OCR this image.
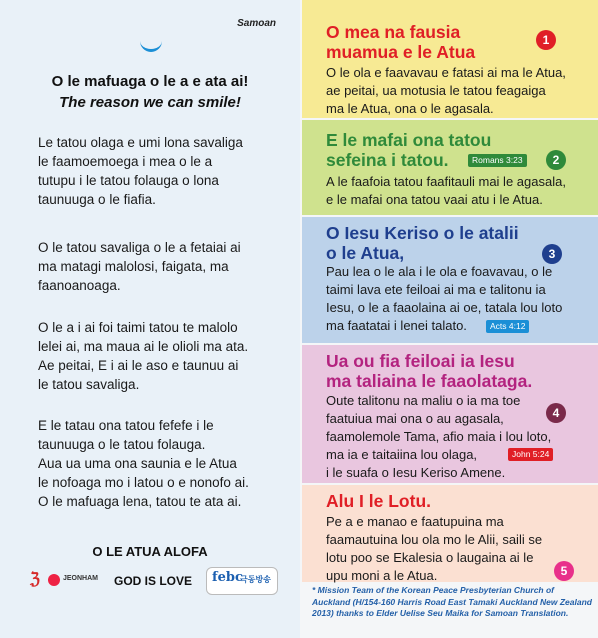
Samoan
O le mafuaga o le a e ata ai!
The reason we can smile!
Le tatou olaga e umi lona savaliga
le faamoemoega i mea o le a
tutupu i le tatou folauga o lona
taunuuga o le fiafia.
O le tatou savaliga o le a fetaiai ai
ma matagi malolosi, faigata, ma
faanoanoaga.
O le a i ai foi taimi tatou te malolo
lelei ai, ma maua ai le olioli ma ata.
Ae peitai, E i ai le aso e taunuu ai
le tatou savaliga.
E le tatau ona tatou fefefe i le
taunuuga o le tatou folauga.
Aua ua uma ona saunia e le Atua
le nofoaga mo i latou o e nonofo ai.
O le mafuaga lena, tatou te ata ai.
O LE ATUA ALOFA
ℨ	JEONHAM	GOD IS LOVE	febc
극동방송
O mea na fausia
muamua e le Atua
O le ola e faavavau e fatasi ai ma le Atua,
ae peitai, ua motusia le tatou feagaiga
ma le Atua, ona o le agasala.
1
E le mafai ona tatou
sefeina i tatou.	Romans 3:23	2
A le faafoia tatou faafitauli mai le agasala,
e le mafai ona tatou vaai atu i le Atua.
O Iesu Keriso o le atalii
o le Atua,	3
Pau lea o le ala i le ola e foavavau, o le
taimi lava ete feiloai ai ma e talitonu ia
Iesu, o le a faaolaina ai oe, tatala lou loto
ma faatatai i lenei talato.	Acts 4:12
Ua ou fia feiloai ia Iesu
ma taliaina le faaolataga.
Oute talitonu na maliu o ia ma toe
faatuiua mai ona o au agasala,
faamolemole Tama, afio maia i lou loto,
ma ia e taitaiina lou olaga,
i le suafa o Iesu Keriso Amene.
4
John 5:24
Alu I le Lotu.
Pe a e manao e faatupuina ma
faamautuina lou ola mo le Alii, saili se
lotu poo se Ekalesia o laugaina ai le
upu moni a le Atua.	5
* Mission Team of the Korean Peace Presbyterian Church of Auckland (H/154-160 Harris Road East Tamaki Auckland New Zealand 2013) thanks to Elder Uelise Seu Maika for Samoan Translation.
